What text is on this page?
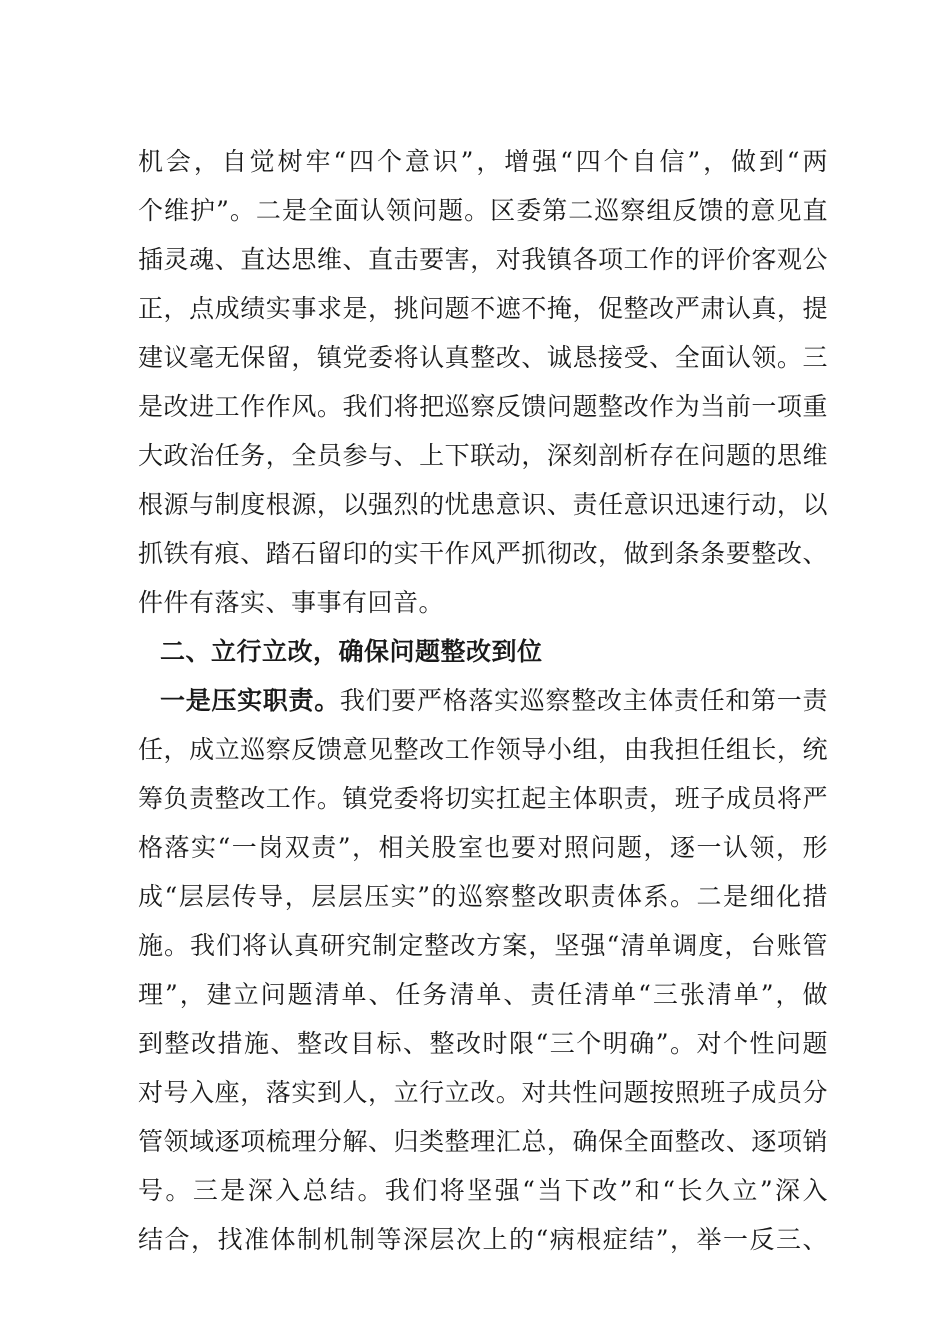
机会，自觉树牢“四个意识”，增强“四个自信”，做到“两
个维护”。二是全面认领问题。区委第二巡察组反馈的意见直
插灵魂、直达思维、直击要害，对我镇各项工作的评价客观公
正，点成绩实事求是，挑问题不遮不掩，促整改严肃认真，提
建议毫无保留，镇党委将认真整改、诚恳接受、全面认领。三
是改进工作作风。我们将把巡察反馈问题整改作为当前一项重
大政治任务，全员参与、上下联动，深刻剖析存在问题的思维
根源与制度根源，以强烈的忧患意识、责任意识迅速行动，以
抓铁有痕、踏石留印的实干作风严抓彻改，做到条条要整改、
件件有落实、事事有回音。
二、立行立改，确保问题整改到位
一是压实职责。我们要严格落实巡察整改主体责任和第一责
任，成立巡察反馈意见整改工作领导小组，由我担任组长，统
筹负责整改工作。镇党委将切实扛起主体职责，班子成员将严
格落实“一岗双责”，相关股室也要对照问题，逐一认领，形
成“层层传导，层层压实”的巡察整改职责体系。二是细化措
施。我们将认真研究制定整改方案，坚强“清单调度，台账管
理”，建立问题清单、任务清单、责任清单“三张清单”，做
到整改措施、整改目标、整改时限“三个明确”。对个性问题
对号入座，落实到人，立行立改。对共性问题按照班子成员分
管领域逐项梳理分解、归类整理汇总，确保全面整改、逐项销
号。三是深入总结。我们将坚强“当下改”和“长久立”深入
结合，找准体制机制等深层次上的“病根症结”，举一反三、
